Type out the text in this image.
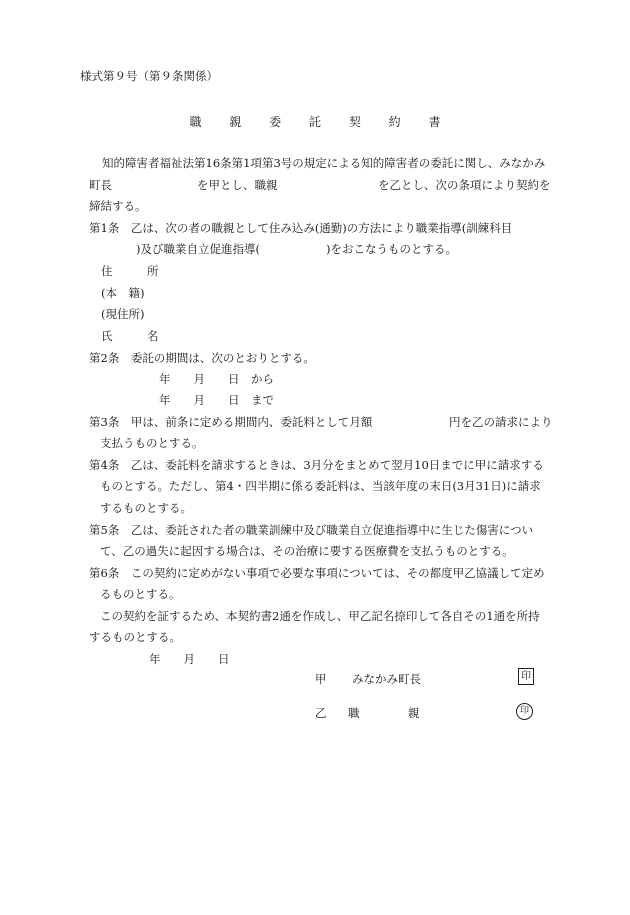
様式第９号（第９条関係）
職 親 委 託 契 約 書
知的障害者福祉法第16条第1項第3号の規定による知的障害者の委託に関し、みなかみ
町長	を甲とし、職親	を乙とし、次の条項により契約を
締結する。
第1条　乙は、次の者の職親として住み込み(通勤)の方法により職業指導(訓練科目
)及び職業自立促進指導(	)をおこなうものとする。
住　　　所
(本　籍)
(現住所)
氏　　　名
第2条　委託の期間は、次のとおりとする。
年　　月　　日　から
年　　月　　日　まで
第3条　甲は、前条に定める期間内、委託料として月額	円を乙の請求により
支払うものとする。
第4条　乙は、委託料を請求するときは、3月分をまとめて翌月10日までに甲に請求する
ものとする。ただし、第4・四半期に係る委託料は、当該年度の末日(3月31日)に請求
するものとする。
第5条　乙は、委託された者の職業訓練中及び職業自立促進指導中に生じた傷害につい
て、乙の過失に起因する場合は、その治療に要する医療費を支払うものとする。
第6条　この契約に定めがない事項で必要な事項については、その都度甲乙協議して定め
るものとする。
この契約を証するため、本契約書2通を作成し、甲乙記名捺印して各自その1通を所持
するものとする。
年　　月　　日
甲 みなかみ町長	印
乙 職	親	印
